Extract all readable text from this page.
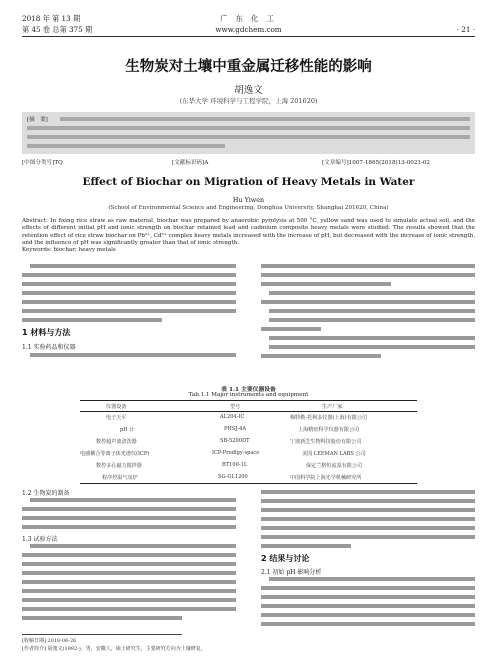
2018 年 第 13 期
第 45 卷 总第 375 期
广 东 化 工
www.gdchem.com	· 21 ·
生物炭对土壤中重金属迁移性能的影响
胡逸文
(东华大学 环境科学与工程学院，上海 201620)
[摘　要]
[中图分类号]TQ	[文献标识码]A	[文章编号]1007-1865(2018)13-0021-02
Effect of Biochar on Migration of Heavy Metals in Water
Hu Yiwen
(School of Environmental Science and Engineering, Donghua University, Shanghai 201620, China)
Abstract: In fixing rice straw as raw material, biochar was prepared by anaerobic pyrolysis at 500 °C, yellow sand was used to simulate actual soil, and the effects of different initial pH and ionic strength on biochar retained lead and cadmium composite heavy metals were studied. The results showed that the retention effect of rice straw biochar on Pb²⁺, Cd²⁺ complex heavy metals increased with the increase of pH, but decreased with the increase of ionic strength, and the influence of pH was significantly greater than that of ionic strength.
Keywords: biochar; heavy metals
1 材料与方法
1.1 实验药品和仪器
表 1.1 主要仪器设备
Tab.1.1 Major instruments and equipment
仪器设备	型号	生产厂家
电子天平	AL204-IC	梅特勒-托利多仪器(上海)有限公司
pH 计	PHSJ-4A	上海精密科学仪器有限公司
数控超声波清洗器	SB-5200DT	宁波新芝生物科技股份有限公司
电感耦合等离子体光谱仪(ICP)	ICP-Prodigy-space	美国 LEEMAN LABS 公司
数控多孔磁力搅拌器	BT100-1L	保定兰格恒流泵有限公司
程序控温气氛炉	SG-GL1200	中国科学院上海光学机械研究所
1.2 生物炭的制备
1.3 试验方法
2 结果与讨论
2.1 初始 pH 影响分析
[收稿日期] 2018-06-26
[作者简介] 胡逸文(1992-)，男，安徽人，硕士研究生，主要研究方向为土壤修复。
